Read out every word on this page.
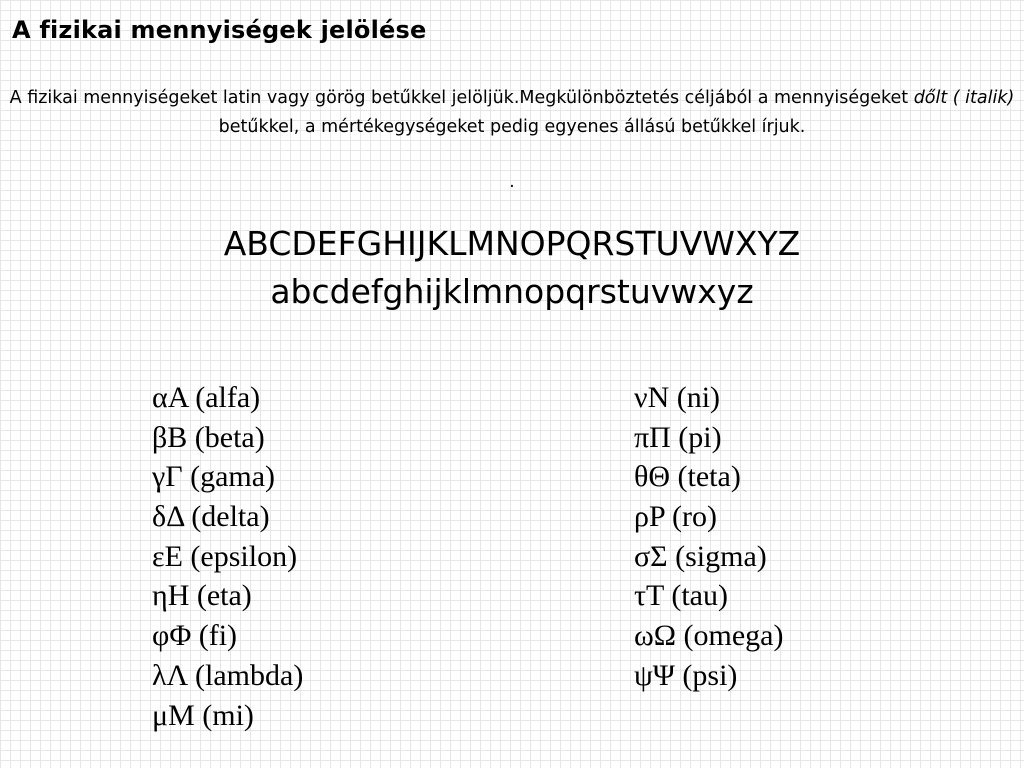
A fizikai mennyiségek jelölése
A fizikai mennyiségeket latin vagy görög betűkkel jelöljük.Megkülönböztetés céljából a mennyiségeket dőlt ( italik) betűkkel, a mértékegységeket pedig egyenes állású betűkkel írjuk.
.
ABCDEFGHIJKLMNOPQRSTUVWXYZ
abcdefghijklmnopqrstuvwxyz
αA (alfa)
βB (beta)
γΓ (gama)
δΔ (delta)
εE (epsilon)
ηH (eta)
φΦ (fi)
λΛ (lambda)
μM (mi)
νN (ni)
πΠ (pi)
θΘ (teta)
ρP (ro)
σΣ (sigma)
τT (tau)
ωΩ (omega)
ψΨ (psi)
